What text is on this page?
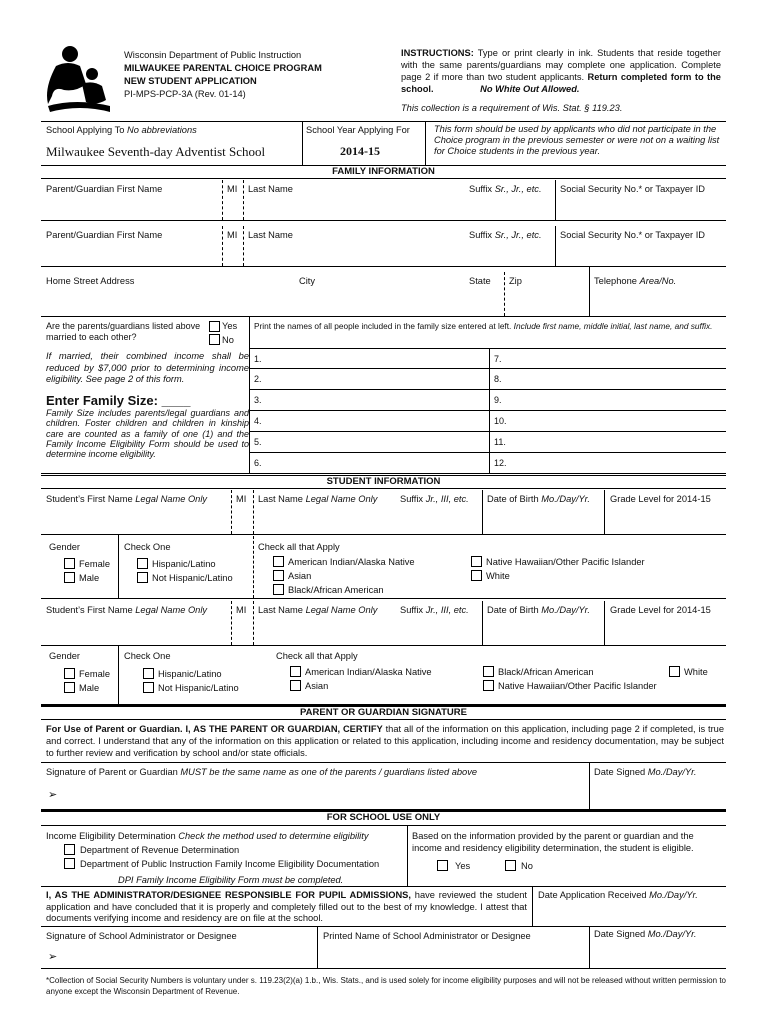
Wisconsin Department of Public Instruction
MILWAUKEE PARENTAL CHOICE PROGRAM
NEW STUDENT APPLICATION
PI-MPS-PCP-3A (Rev. 01-14)
INSTRUCTIONS: Type or print clearly in ink. Students that reside together with the same parents/guardians may complete one application. Complete page 2 if more than two student applicants. Return completed form to the school.	No White Out Allowed.
This collection is a requirement of Wis. Stat. § 119.23.
School Applying To No abbreviations
Milwaukee Seventh-day Adventist School
School Year Applying For
2014-15
This form should be used by applicants who did not participate in the Choice program in the previous semester or were not on a waiting list for Choice students in the previous year.
FAMILY INFORMATION
Parent/Guardian First Name	MI Last Name	Suffix Sr., Jr., etc. Social Security No.* or Taxpayer ID
Parent/Guardian First Name	MI Last Name	Suffix Sr., Jr., etc. Social Security No.* or Taxpayer ID
Home Street Address	City	State Zip	Telephone Area/No.
Are the parents/guardians listed above married to each other?
Yes
No
If married, their combined income shall be reduced by $7,000 prior to determining income eligibility. See page 2 of this form.
Enter Family Size: ____
Family Size includes parents/legal guardians and children. Foster children and children in kinship care are counted as a family of one (1) and the Family Income Eligibility Form should be used to determine income eligibility.
Print the names of all people included in the family size entered at left. Include first name, middle initial, last name, and suffix.
1.
2.
3.
4.
5.
6.
7.
8.
9.
10.
11.
12.
STUDENT INFORMATION
Student’s First Name Legal Name Only	MI Last Name Legal Name Only Suffix Jr., III, etc. Date of Birth Mo./Day/Yr. Grade Level for 2014-15
Gender
Female
Male
Check One
Hispanic/Latino
Not Hispanic/Latino
Check all that Apply
American Indian/Alaska Native
Asian
Black/African American
Native Hawaiian/Other Pacific Islander
White
Student’s First Name Legal Name Only	MI Last Name Legal Name Only Suffix Jr., III, etc. Date of Birth Mo./Day/Yr. Grade Level for 2014-15
Gender
Female
Male
Check One
Hispanic/Latino
Not Hispanic/Latino
Check all that Apply
American Indian/Alaska Native
Asian
Black/African American
Native Hawaiian/Other Pacific Islander
White
PARENT OR GUARDIAN SIGNATURE
For Use of Parent or Guardian. I, AS THE PARENT OR GUARDIAN, CERTIFY that all of the information on this application, including page 2 if completed, is true and correct. I understand that any of the information on this application or related to this application, including income and residency documentation, may be subject to further review and verification by school and/or state officials.
Signature of Parent or Guardian MUST be the same name as one of the parents / guardians listed above
➢
Date Signed Mo./Day/Yr.
FOR SCHOOL USE ONLY
Income Eligibility Determination Check the method used to determine eligibility
Department of Revenue Determination
Department of Public Instruction Family Income Eligibility Documentation
DPI Family Income Eligibility Form must be completed.
Based on the information provided by the parent or guardian and the income and residency eligibility determination, the student is eligible.
Yes	No
I, AS THE ADMINISTRATOR/DESIGNEE RESPONSIBLE FOR PUPIL ADMISSIONS, have reviewed the student application and have concluded that it is properly and completely filled out to the best of my knowledge. I attest that documents verifying income and residency are on file at the school.
Date Application Received Mo./Day/Yr.
Signature of School Administrator or Designee
➢
Printed Name of School Administrator or Designee	Date Signed Mo./Day/Yr.
*Collection of Social Security Numbers is voluntary under s. 119.23(2)(a) 1.b., Wis. Stats., and is used solely for income eligibility purposes and will not be released without written permission to anyone except the Wisconsin Department of Revenue.
